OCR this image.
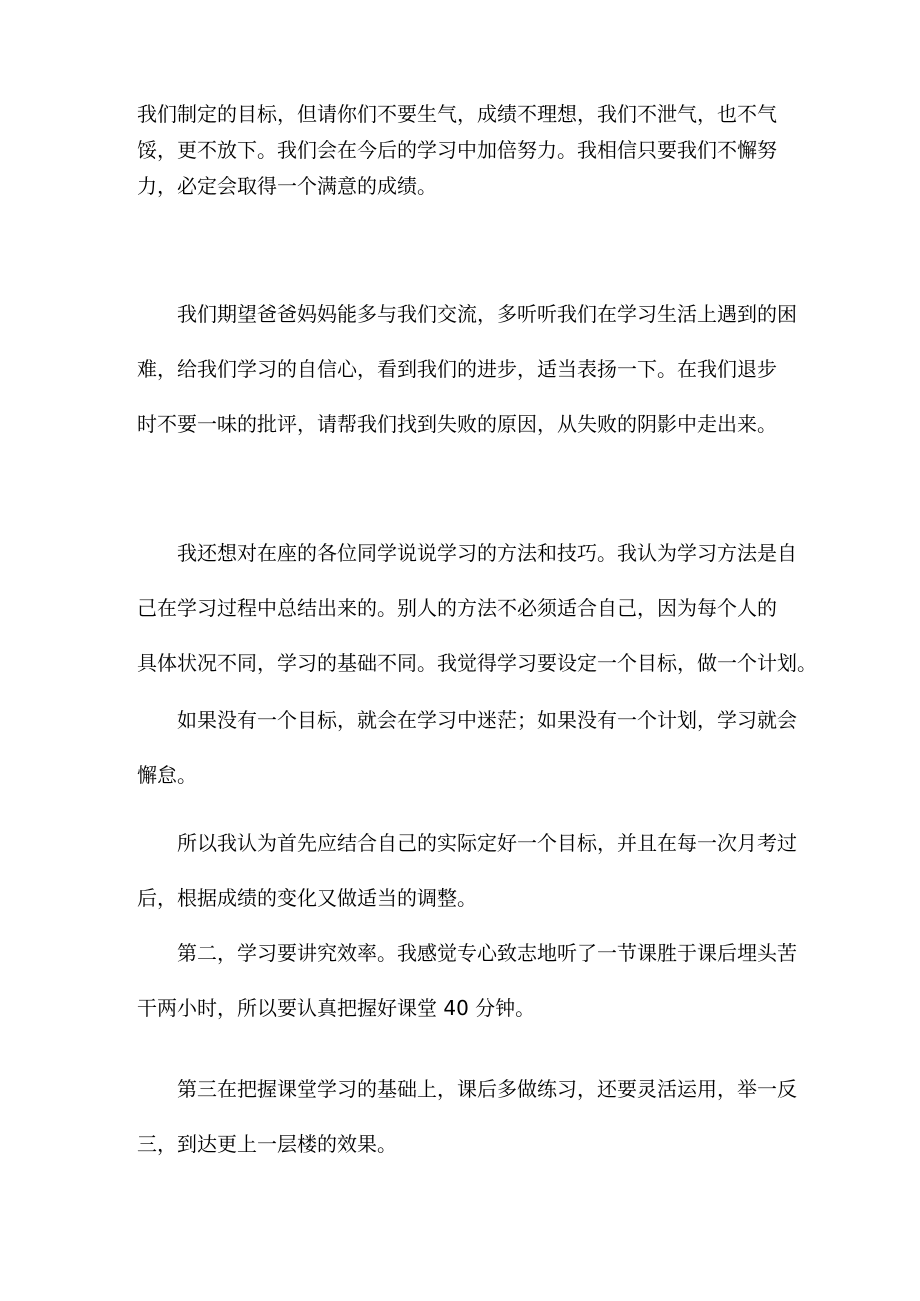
我们制定的目标，但请你们不要生气，成绩不理想，我们不泄气，也不气
馁，更不放下。我们会在今后的学习中加倍努力。我相信只要我们不懈努
力，必定会取得一个满意的成绩。

　　我们期望爸爸妈妈能多与我们交流，多听听我们在学习生活上遇到的困
难，给我们学习的自信心，看到我们的进步，适当表扬一下。在我们退步
时不要一味的批评，请帮我们找到失败的原因，从失败的阴影中走出来。

　　我还想对在座的各位同学说说学习的方法和技巧。我认为学习方法是自
己在学习过程中总结出来的。别人的方法不必须适合自己，因为每个人的
具体状况不同，学习的基础不同。我觉得学习要设定一个目标，做一个计划。

　　如果没有一个目标，就会在学习中迷茫；如果没有一个计划，学习就会
懈怠。

　　所以我认为首先应结合自己的实际定好一个目标，并且在每一次月考过
后，根据成绩的变化又做适当的调整。

　　第二，学习要讲究效率。我感觉专心致志地听了一节课胜于课后埋头苦
干两小时，所以要认真把握好课堂 40 分钟。

　　第三在把握课堂学习的基础上，课后多做练习，还要灵活运用，举一反
三，到达更上一层楼的效果。
